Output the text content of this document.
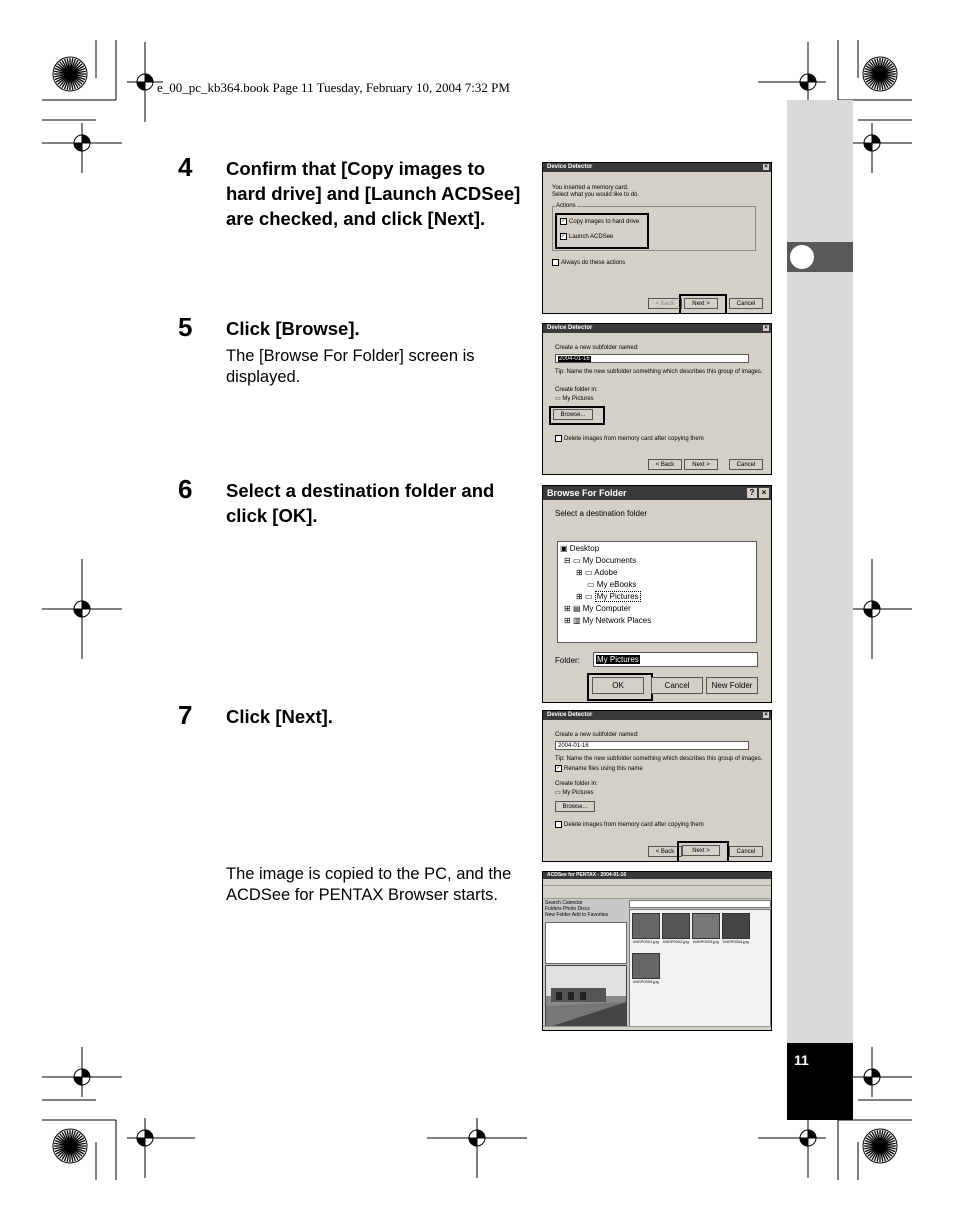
11
e_00_pc_kb364.book Page 11 Tuesday, February 10, 2004 7:32 PM
4 Confirm that [Copy images to hard drive] and [Launch ACDSee] are checked, and click [Next].
5 Click [Browse].
The [Browse For Folder] screen is displayed.
6 Select a destination folder and click [OK].
7 Click [Next].
The image is copied to the PC, and the ACDSee for PENTAX Browser starts.
Device Detector	×
You inserted a memory card.
Select what you would like to do.
Actions
✓ Copy images to hard drive
✓ Launch ACDSee
Always do these actions
< Back	Next >	Cancel
Device Detector	×
Create a new subfolder named:
2004-01-16
Tip: Name the new subfolder something which describes this group of images.
Create folder in:
▭ My Pictures
Browse...
Delete images from memory card after copying them
< Back	Next >	Cancel
Browse For Folder	? ×
Select a destination folder
▣ Desktop
⊟ ▭ My Documents
⊞ ▭ Adobe
▭ My eBooks
⊞ ▭ My Pictures
⊞ ▤ My Computer
⊞ ▥ My Network Places
Folder:	My Pictures
OK	Cancel	New Folder
Device Detector	×
Create a new subfolder named:
2004-01-16
Tip: Name the new subfolder something which describes this group of images.
✓ Rename files using this name
Create folder in:
▭ My Pictures
Browse...
Delete images from memory card after copying them
< Back	Next >	Cancel
ACDSee for PENTAX - 2004-01-16
Search Calendar
Folders Photo Discs
New Folder Add to Favorites
IMGP0001.jpg	IMGP0002.jpg	IMGP0003.jpg	IMGP0004.jpg
IMGP0005.jpg
